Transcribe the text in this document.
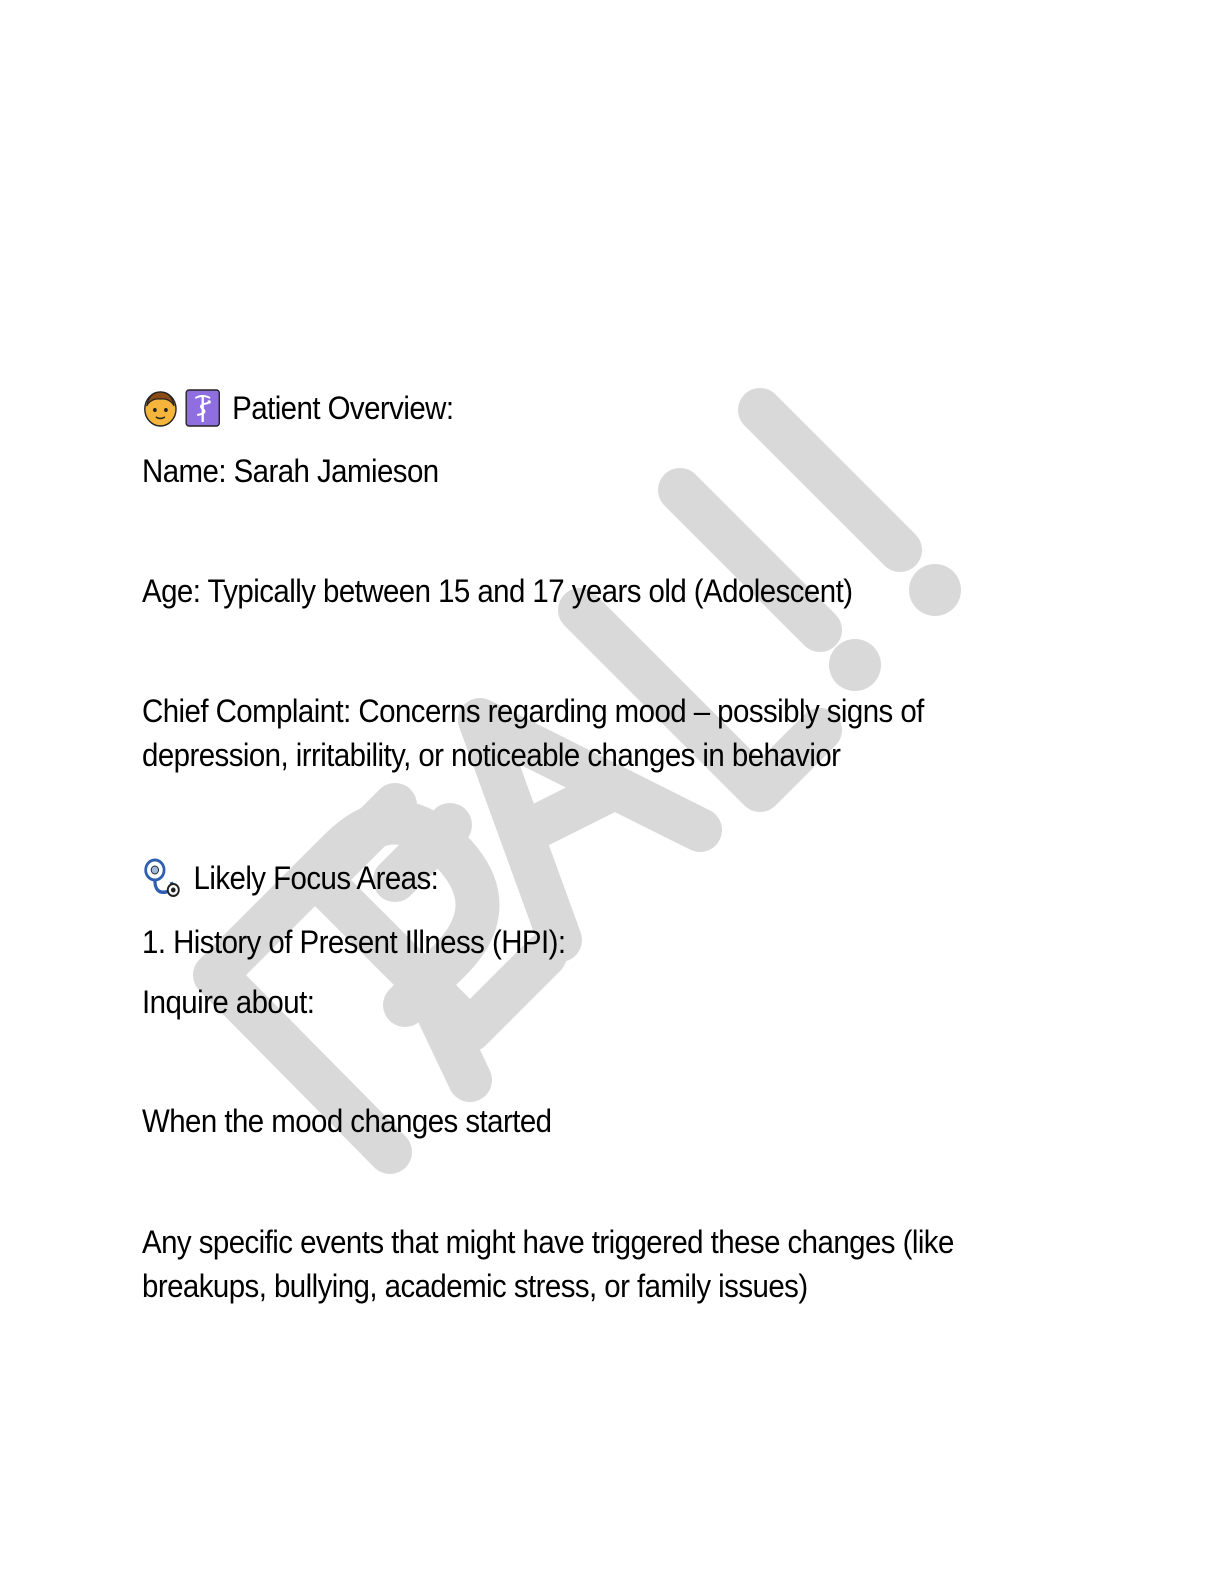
Patient Overview:
Name: Sarah Jamieson
Age: Typically between 15 and 17 years old (Adolescent)
Chief Complaint: Concerns regarding mood – possibly signs of
depression, irritability, or noticeable changes in behavior
Likely Focus Areas:
1. History of Present Illness (HPI):
Inquire about:
When the mood changes started
Any specific events that might have triggered these changes (like
breakups, bullying, academic stress, or family issues)
